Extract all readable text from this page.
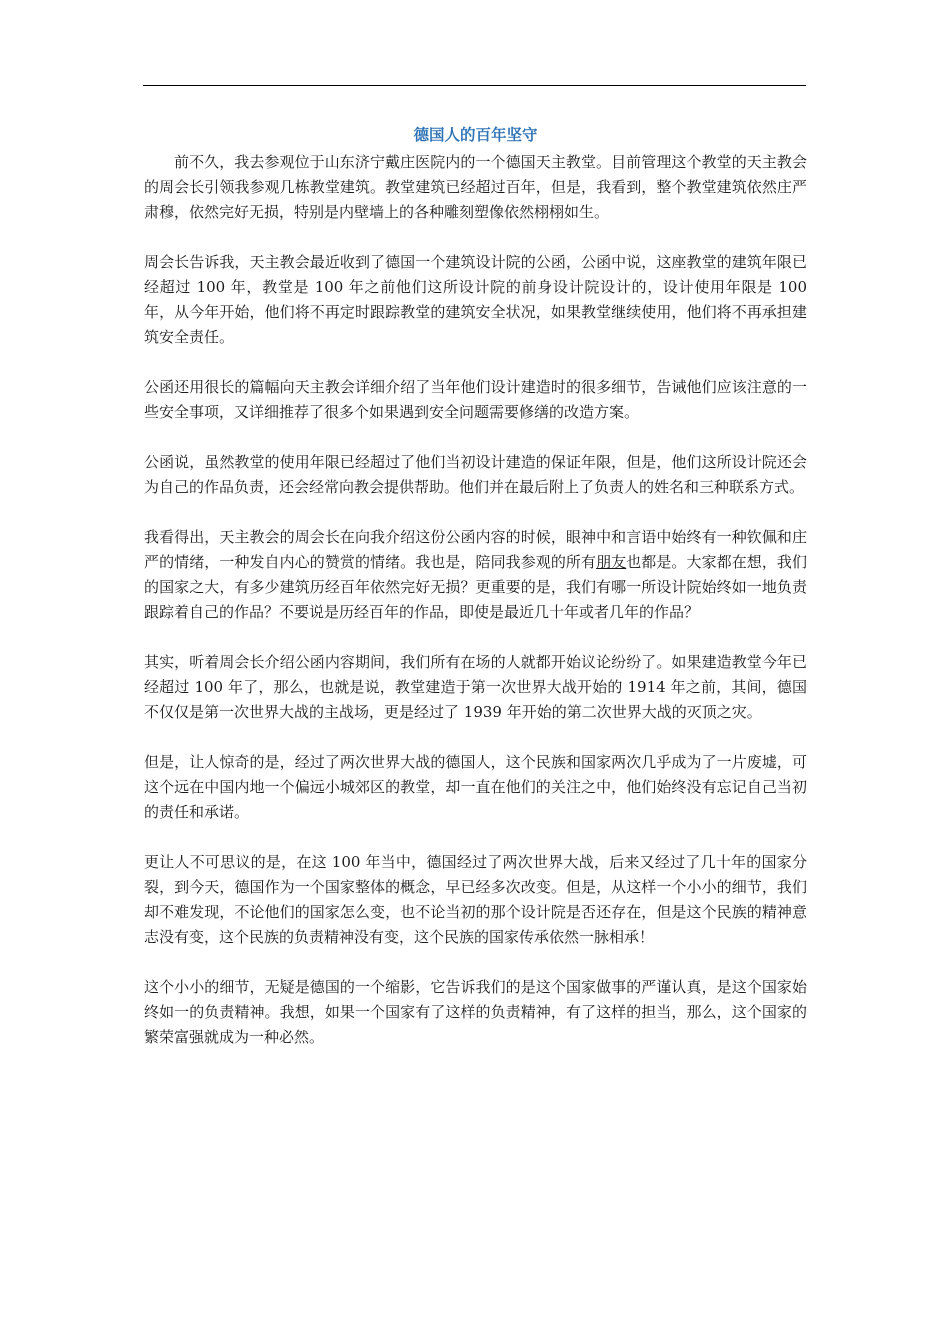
德国人的百年坚守

前不久，我去参观位于山东济宁戴庄医院内的一个德国天主教堂。目前管理这个教堂的天主教会的周会长引领我参观几栋教堂建筑。教堂建筑已经超过百年，但是，我看到，整个教堂建筑依然庄严肃穆，依然完好无损，特别是内壁墙上的各种雕刻塑像依然栩栩如生。

周会长告诉我，天主教会最近收到了德国一个建筑设计院的公函，公函中说，这座教堂的建筑年限已经超过 100 年，教堂是 100 年之前他们这所设计院的前身设计院设计的，设计使用年限是 100 年，从今年开始，他们将不再定时跟踪教堂的建筑安全状况，如果教堂继续使用，他们将不再承担建筑安全责任。

公函还用很长的篇幅向天主教会详细介绍了当年他们设计建造时的很多细节，告诫他们应该注意的一些安全事项，又详细推荐了很多个如果遇到安全问题需要修缮的改造方案。

公函说，虽然教堂的使用年限已经超过了他们当初设计建造的保证年限，但是，他们这所设计院还会为自己的作品负责，还会经常向教会提供帮助。他们并在最后附上了负责人的姓名和三种联系方式。

我看得出，天主教会的周会长在向我介绍这份公函内容的时候，眼神中和言语中始终有一种钦佩和庄严的情绪，一种发自内心的赞赏的情绪。我也是，陪同我参观的所有朋友也都是。大家都在想，我们的国家之大，有多少建筑历经百年依然完好无损？更重要的是，我们有哪一所设计院始终如一地负责跟踪着自己的作品？不要说是历经百年的作品，即使是最近几十年或者几年的作品？

其实，听着周会长介绍公函内容期间，我们所有在场的人就都开始议论纷纷了。如果建造教堂今年已经超过 100 年了，那么，也就是说，教堂建造于第一次世界大战开始的 1914 年之前，其间，德国不仅仅是第一次世界大战的主战场，更是经过了 1939 年开始的第二次世界大战的灭顶之灾。

但是，让人惊奇的是，经过了两次世界大战的德国人，这个民族和国家两次几乎成为了一片废墟，可这个远在中国内地一个偏远小城郊区的教堂，却一直在他们的关注之中，他们始终没有忘记自己当初的责任和承诺。

更让人不可思议的是，在这 100 年当中，德国经过了两次世界大战，后来又经过了几十年的国家分裂，到今天，德国作为一个国家整体的概念，早已经多次改变。但是，从这样一个小小的细节，我们却不难发现，不论他们的国家怎么变，也不论当初的那个设计院是否还存在，但是这个民族的精神意志没有变，这个民族的负责精神没有变，这个民族的国家传承依然一脉相承！

这个小小的细节，无疑是德国的一个缩影，它告诉我们的是这个国家做事的严谨认真，是这个国家始终如一的负责精神。我想，如果一个国家有了这样的负责精神，有了这样的担当，那么，这个国家的繁荣富强就成为一种必然。
